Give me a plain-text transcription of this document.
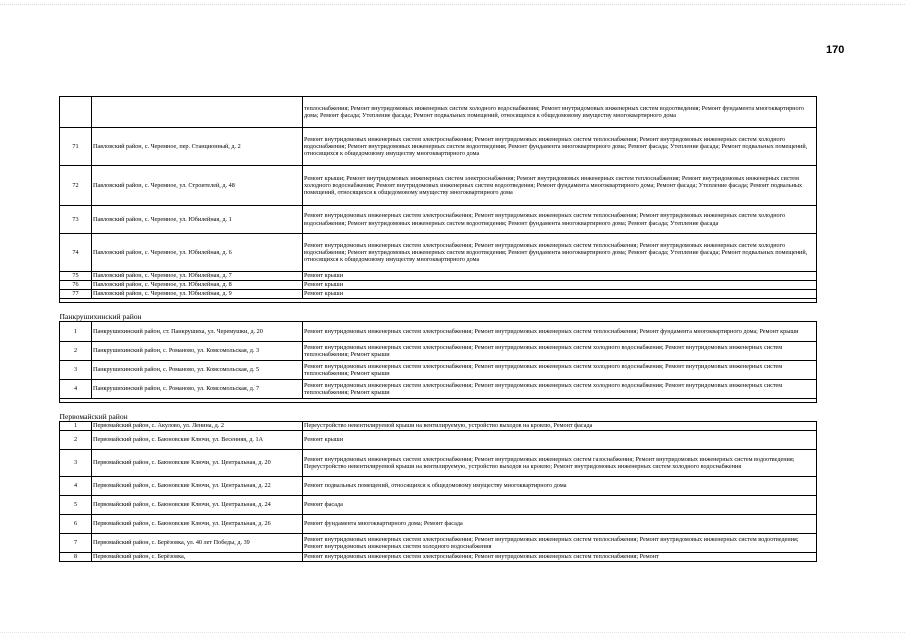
170
		теплоснабжения; Ремонт внутридомовых инженерных систем холодного водоснабжения; Ремонт внутридомовых инженерных систем водоотведения; Ремонт фундамента многоквартирного дома; Ремонт фасада; Утепление фасада; Ремонт подвальных помещений, относящихся к общедомовому имуществу многоквартирного дома
71	Павловский район, с. Черемное, пер. Станционный, д. 2	Ремонт внутридомовых инженерных систем электроснабжения; Ремонт внутридомовых инженерных систем теплоснабжения; Ремонт внутридомовых инженерных систем холодного водоснабжения; Ремонт внутридомовых инженерных систем водоотведения; Ремонт фундамента многоквартирного дома; Ремонт фасада; Утепление фасада; Ремонт подвальных помещений, относящихся к общедомовому имуществу многоквартирного дома
72	Павловский район, с. Черемное, ул. Строителей, д. 48	Ремонт крыши; Ремонт внутридомовых инженерных систем электроснабжения; Ремонт внутридомовых инженерных систем теплоснабжения; Ремонт внутридомовых инженерных систем холодного водоснабжения; Ремонт внутридомовых инженерных систем водоотведения; Ремонт фундамента многоквартирного дома; Ремонт фасада; Утепление фасада; Ремонт подвальных помещений, относящихся к общедомовому имуществу многоквартирного дома
73	Павловский район, с. Черемное, ул. Юбилейная, д. 1	Ремонт внутридомовых инженерных систем электроснабжения; Ремонт внутридомовых инженерных систем теплоснабжения; Ремонт внутридомовых инженерных систем холодного водоснабжения; Ремонт внутридомовых инженерных систем водоотведения; Ремонт фундамента многоквартирного дома; Ремонт фасада; Утепление фасада
74	Павловский район, с. Черемное, ул. Юбилейная, д. 6	Ремонт внутридомовых инженерных систем электроснабжения; Ремонт внутридомовых инженерных систем теплоснабжения; Ремонт внутридомовых инженерных систем холодного водоснабжения; Ремонт внутридомовых инженерных систем водоотведения; Ремонт фундамента многоквартирного дома; Ремонт фасада; Утепление фасада; Ремонт подвальных помещений, относящихся к общедомовому имуществу многоквартирного дома
75	Павловский район, с. Черемное, ул. Юбилейная, д. 7	Ремонт крыши
76	Павловский район, с. Черемное, ул. Юбилейная, д. 8	Ремонт крыши
77	Павловский район, с. Черемное, ул. Юбилейная, д. 9	Ремонт крыши

Панкрушихинский район		
1	Панкрушихинский район, ст. Панкрушиха, ул. Черемушки, д. 20	Ремонт внутридомовых инженерных систем электроснабжения; Ремонт внутридомовых инженерных систем теплоснабжения; Ремонт фундамента многоквартирного дома; Ремонт крыши
2	Панкрушихинский район, с. Романово, ул. Комсомольская, д. 3	Ремонт внутридомовых инженерных систем электроснабжения; Ремонт внутридомовых инженерных систем холодного водоснабжения; Ремонт внутридомовых инженерных систем теплоснабжения; Ремонт крыши
3	Панкрушихинский район, с. Романово, ул. Комсомольская, д. 5	Ремонт внутридомовых инженерных систем электроснабжения; Ремонт внутридомовых инженерных систем холодного водоснабжения; Ремонт внутридомовых инженерных систем теплоснабжения; Ремонт крыши
4	Панкрушихинский район, с. Романово, ул. Комсомольская, д. 7	Ремонт внутридомовых инженерных систем электроснабжения; Ремонт внутридомовых инженерных систем холодного водоснабжения; Ремонт внутридомовых инженерных систем теплоснабжения; Ремонт крыши

Первомайский район		
1	Первомайский район, с. Акулово, ул. Ленина, д. 2	Переустройство невентилируемой крыши на вентилируемую, устройство выходов на кровлю, Ремонт фасада
2	Первомайский район, с. Баюновские Ключи, ул. Весенняя, д. 1А	Ремонт крыши
3	Первомайский район, с. Баюновские Ключи, ул. Центральная, д. 20	Ремонт внутридомовых инженерных систем электроснабжения; Ремонт внутридомовых инженерных систем газоснабжения; Ремонт внутридомовых инженерных систем водоотведения; Переустройство невентилируемой крыши на вентилируемую, устройство выходов на кровлю; Ремонт внутридомовых инженерных систем холодного водоснабжения
4	Первомайский район, с. Баюновские Ключи, ул. Центральная, д. 22	Ремонт подвальных помещений, относящихся к общедомовому имуществу многоквартирного дома
5	Первомайский район, с. Баюновские Ключи, ул. Центральная, д. 24	Ремонт фасада
6	Первомайский район, с. Баюновские Ключи, ул. Центральная, д. 26	Ремонт фундамента многоквартирного дома; Ремонт фасада
7	Первомайский район, с. Берёзовка, ул. 40 лет Победы, д. 39	Ремонт внутридомовых инженерных систем электроснабжения; Ремонт внутридомовых инженерных систем теплоснабжения; Ремонт внутридомовых инженерных систем водоотведения; Ремонт внутридомовых инженерных систем холодного водоснабжения
8	Первомайский район, с. Берёзовка,	Ремонт внутридомовых инженерных систем электроснабжения; Ремонт внутридомовых инженерных систем теплоснабжения; Ремонт
